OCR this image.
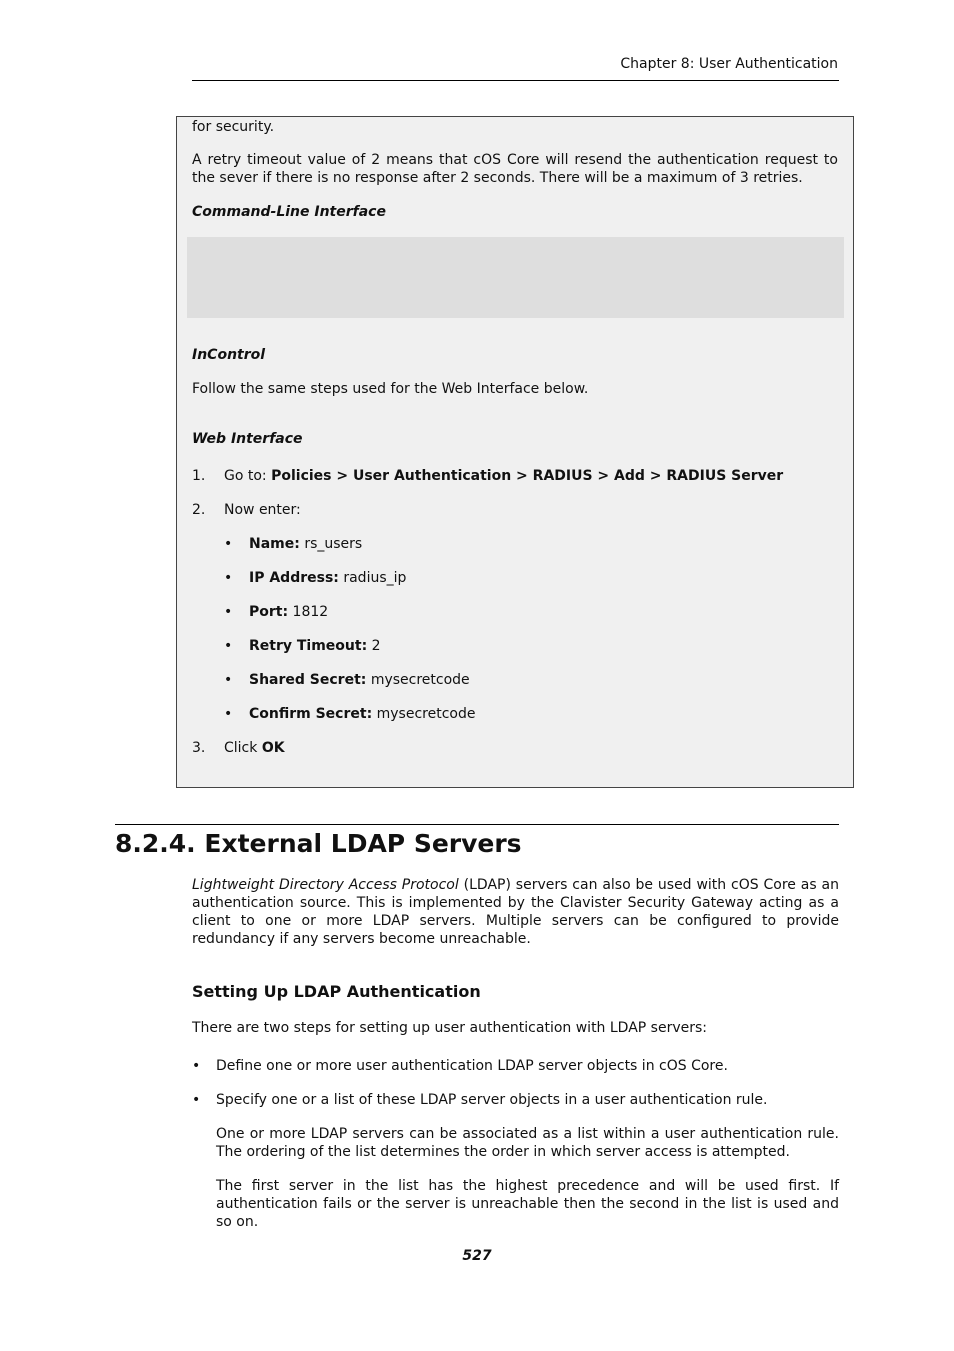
Chapter 8: User Authentication
for security.
A retry timeout value of 2 means that cOS Core will resend the authentication request to the sever if there is no response after 2 seconds. There will be a maximum of 3 retries.
Command-Line Interface
InControl
Follow the same steps used for the Web Interface below.
Web Interface
1.	Go to: Policies > User Authentication > RADIUS > Add > RADIUS Server
2.	Now enter:
• Name: rs_users
• IP Address: radius_ip
• Port: 1812
• Retry Timeout: 2
• Shared Secret: mysecretcode
• Confirm Secret: mysecretcode
3.	Click OK
8.2.4. External LDAP Servers
Lightweight Directory Access Protocol (LDAP) servers can also be used with cOS Core as an authentication source. This is implemented by the Clavister Security Gateway acting as a client to one or more LDAP servers. Multiple servers can be configured to provide redundancy if any servers become unreachable.
Setting Up LDAP Authentication
There are two steps for setting up user authentication with LDAP servers:
• Define one or more user authentication LDAP server objects in cOS Core.
• Specify one or a list of these LDAP server objects in a user authentication rule.
One or more LDAP servers can be associated as a list within a user authentication rule. The ordering of the list determines the order in which server access is attempted.
The first server in the list has the highest precedence and will be used first. If authentication fails or the server is unreachable then the second in the list is used and so on.
527
